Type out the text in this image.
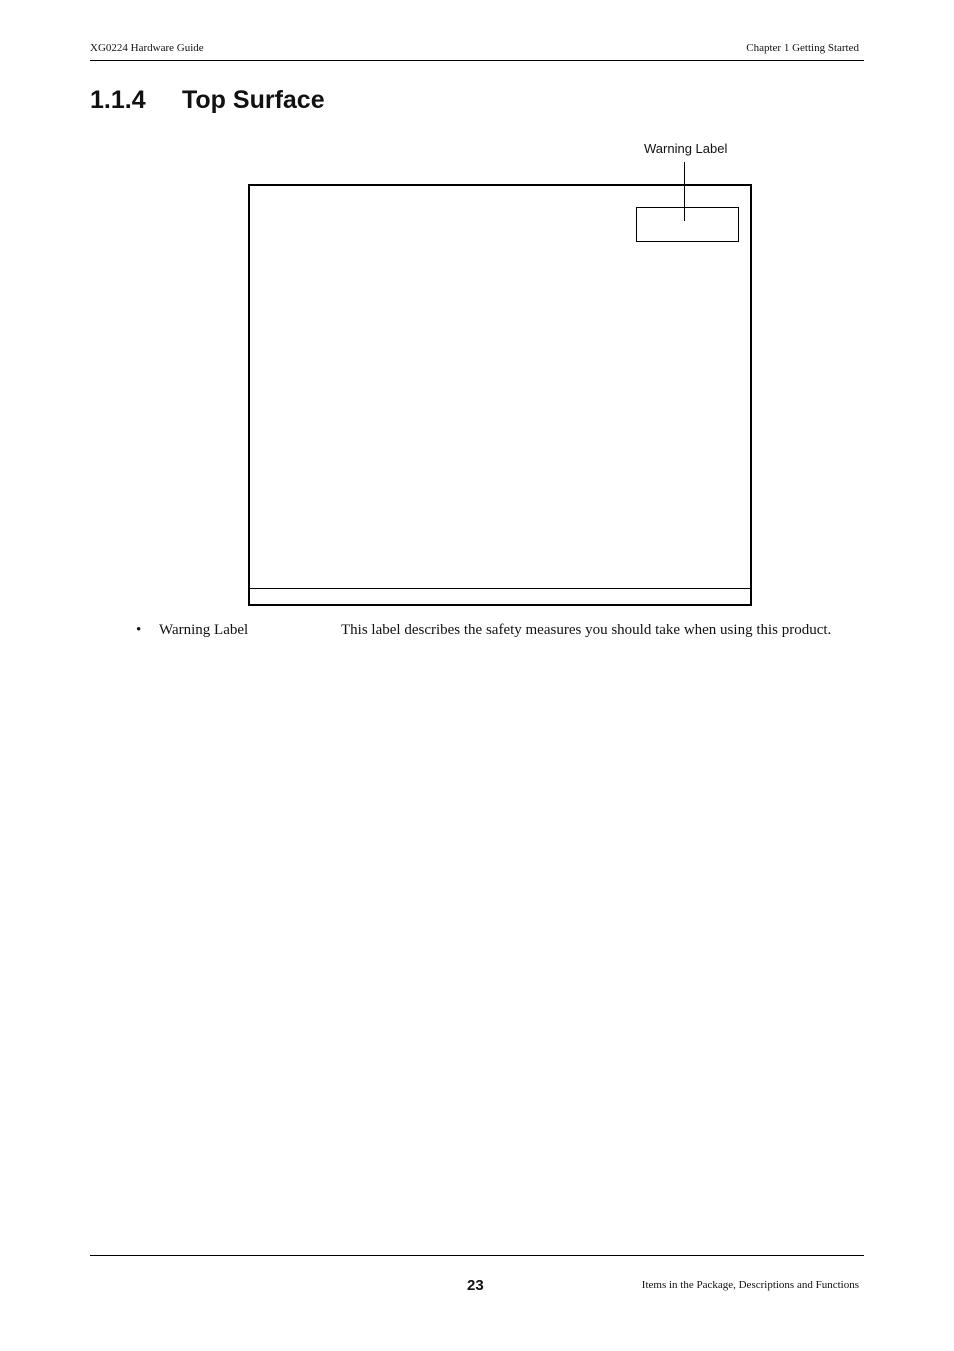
XG0224 Hardware Guide	Chapter 1 Getting Started
1.1.4 Top Surface
Warning Label
• Warning Label	This label describes the safety measures you should take when using this product.
23	Items in the Package, Descriptions and Functions
